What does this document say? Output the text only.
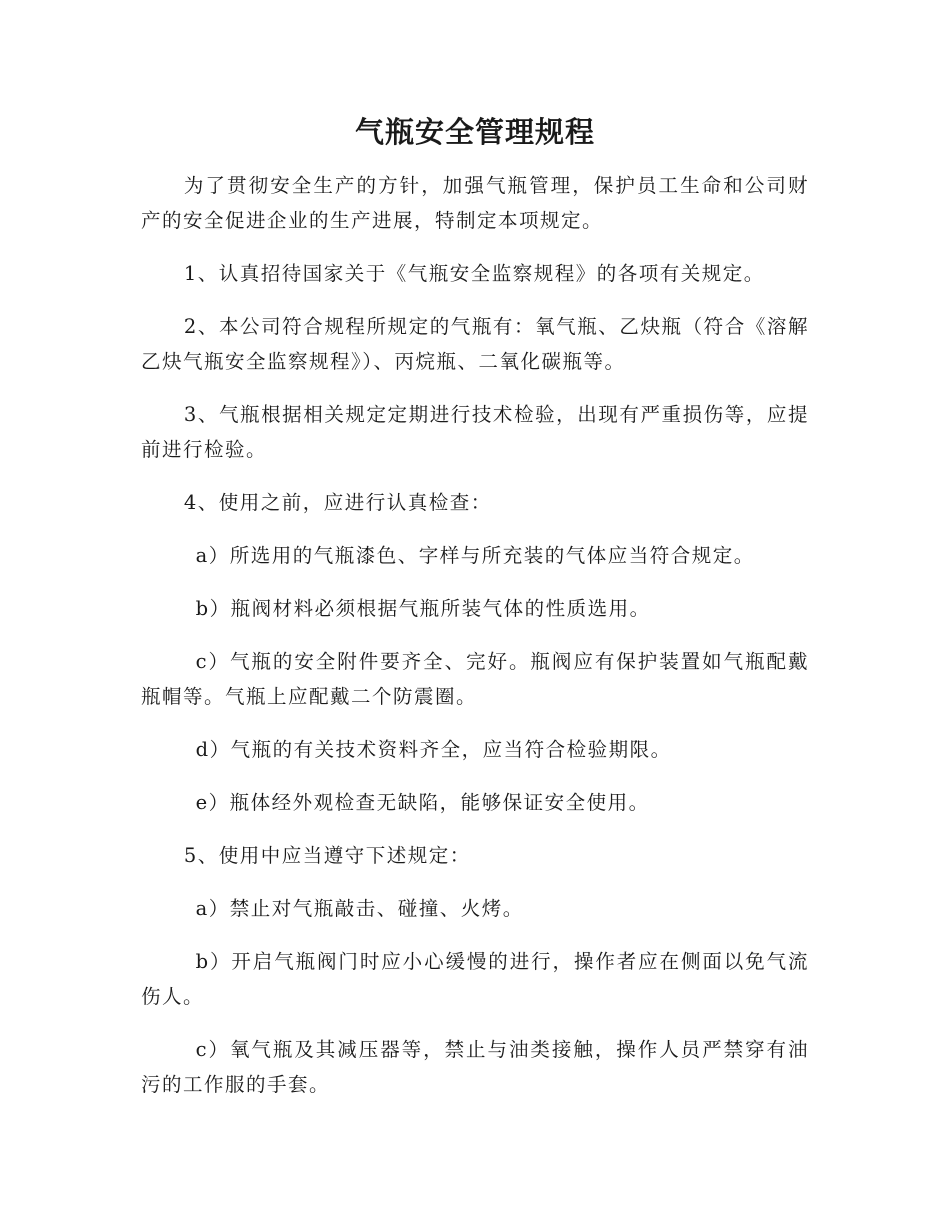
气瓶安全管理规程

为了贯彻安全生产的方针，加强气瓶管理，保护员工生命和公司财产的安全促进企业的生产进展，特制定本项规定。

1、认真招待国家关于《气瓶安全监察规程》的各项有关规定。

2、本公司符合规程所规定的气瓶有：氧气瓶、乙炔瓶（符合《溶解乙炔气瓶安全监察规程》）、丙烷瓶、二氧化碳瓶等。

3、气瓶根据相关规定定期进行技术检验，出现有严重损伤等，应提前进行检验。

4、使用之前，应进行认真检查：

a）所选用的气瓶漆色、字样与所充装的气体应当符合规定。

b）瓶阀材料必须根据气瓶所装气体的性质选用。

c）气瓶的安全附件要齐全、完好。瓶阀应有保护装置如气瓶配戴瓶帽等。气瓶上应配戴二个防震圈。

d）气瓶的有关技术资料齐全，应当符合检验期限。

e）瓶体经外观检查无缺陷，能够保证安全使用。

5、使用中应当遵守下述规定：

a）禁止对气瓶敲击、碰撞、火烤。

b）开启气瓶阀门时应小心缓慢的进行，操作者应在侧面以免气流伤人。

c）氧气瓶及其减压器等，禁止与油类接触，操作人员严禁穿有油污的工作服的手套。
